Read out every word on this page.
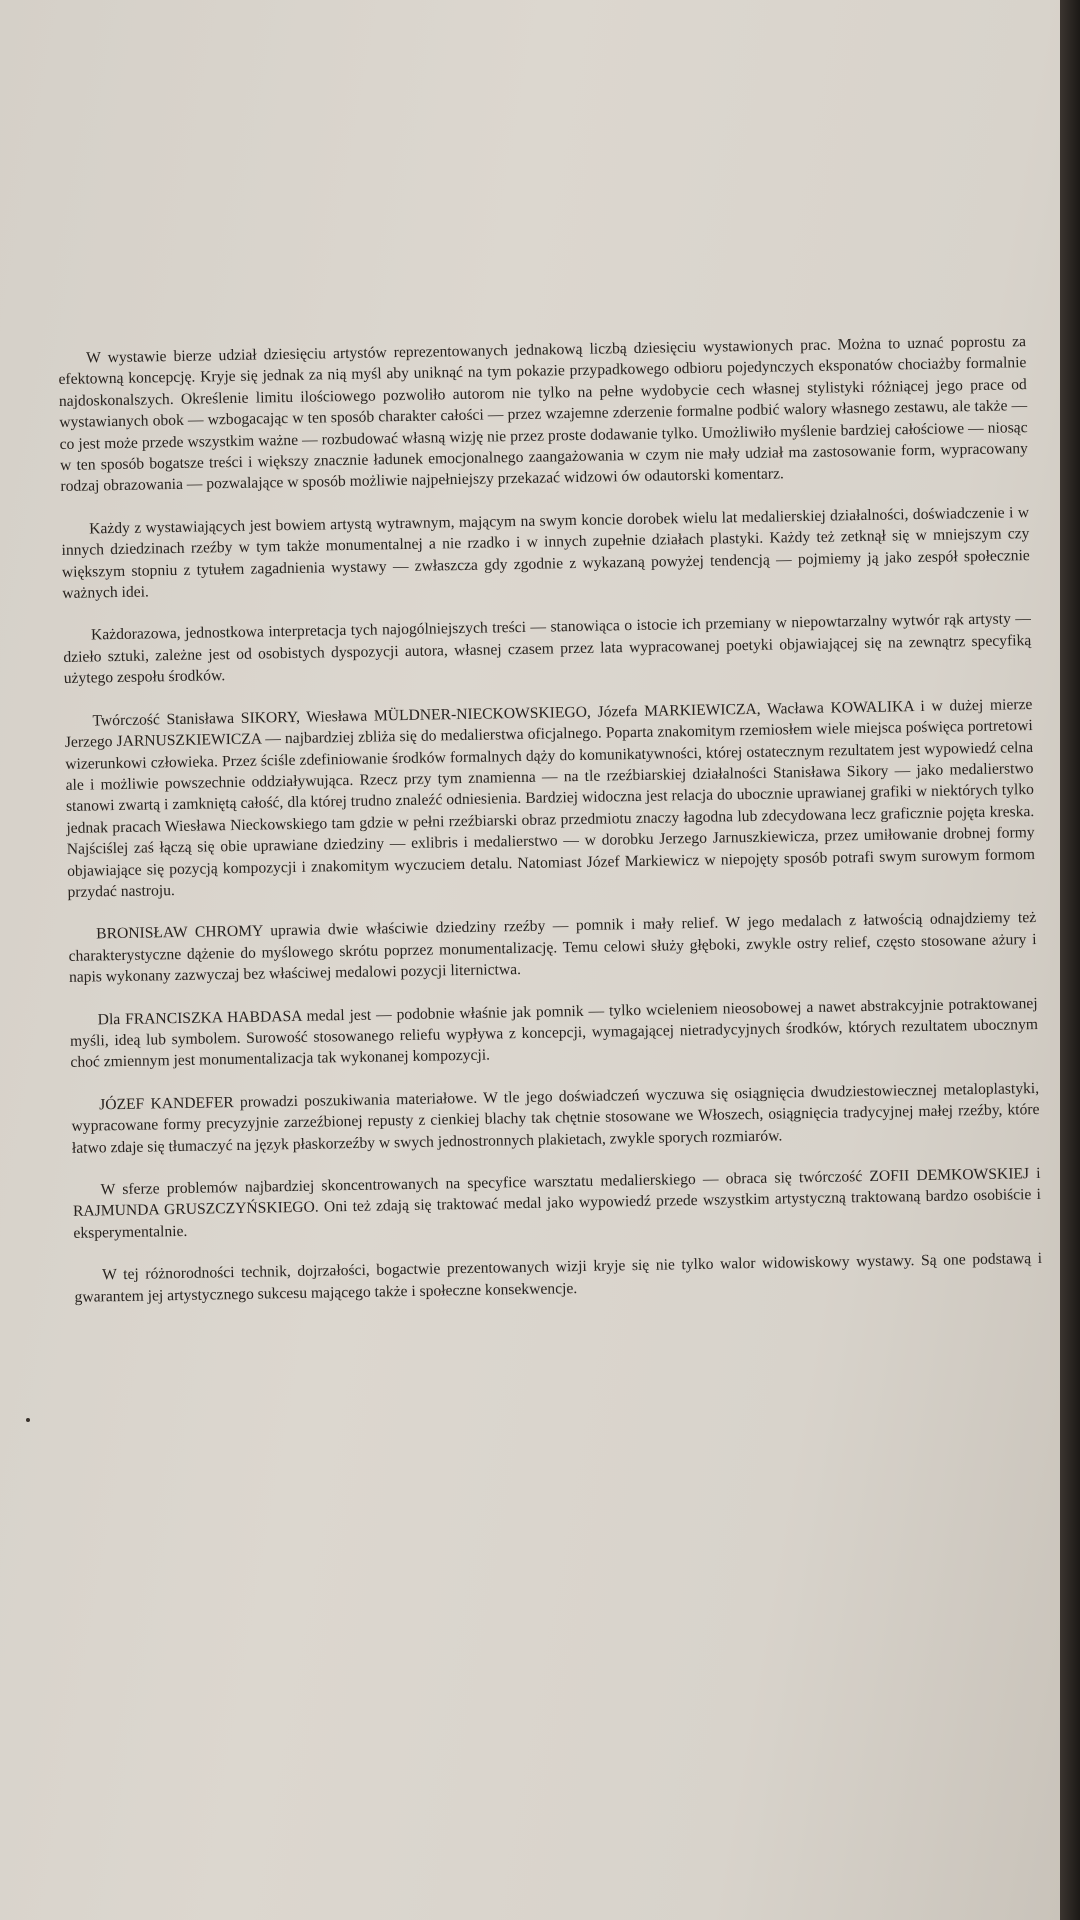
W wystawie bierze udział dziesięciu artystów reprezentowanych jednakową liczbą dziesięciu wystawionych prac. Można to uznać poprostu za efektowną koncepcję. Kryje się jednak za nią myśl aby uniknąć na tym pokazie przypadkowego odbioru pojedynczych eksponatów chociażby formalnie najdoskonalszych. Określenie limitu ilościowego pozwoliło autorom nie tylko na pełne wydobycie cech własnej stylistyki różniącej jego prace od wystawianych obok — wzbogacając w ten sposób charakter całości — przez wzajemne zderzenie formalne podbić walory własnego zestawu, ale także — co jest może przede wszystkim ważne — rozbudować własną wizję nie przez proste dodawanie tylko. Umożliwiło myślenie bardziej całościowe — niosąc w ten sposób bogatsze treści i większy znacznie ładunek emocjonalnego zaangażowania w czym nie mały udział ma zastosowanie form, wypracowany rodzaj obrazowania — pozwalające w sposób możliwie najpełniejszy przekazać widzowi ów odautorski komentarz.

Każdy z wystawiających jest bowiem artystą wytrawnym, mającym na swym koncie dorobek wielu lat medalierskiej działalności, doświadczenie i w innych dziedzinach rzeźby w tym także monumentalnej a nie rzadko i w innych zupełnie działach plastyki. Każdy też zetknął się w mniejszym czy większym stopniu z tytułem zagadnienia wystawy — zwłaszcza gdy zgodnie z wykazaną powyżej tendencją — pojmiemy ją jako zespół społecznie ważnych idei.

Każdorazowa, jednostkowa interpretacja tych najogólniejszych treści — stanowiąca o istocie ich przemiany w niepowtarzalny wytwór rąk artysty — dzieło sztuki, zależne jest od osobistych dyspozycji autora, własnej czasem przez lata wypracowanej poetyki objawiającej się na zewnątrz specyfiką użytego zespołu środków.

Twórczość Stanisława SIKORY, Wiesława MÜLDNER-NIECKOWSKIEGO, Józefa MARKIEWICZA, Wacława KOWALIKA i w dużej mierze Jerzego JARNUSZKIEWICZA — najbardziej zbliża się do medalierstwa oficjalnego. Poparta znakomitym rzemiosłem wiele miejsca poświęca portretowi wizerunkowi człowieka. Przez ściśle zdefiniowanie środków formalnych dąży do komunikatywności, której ostatecznym rezultatem jest wypowiedź celna ale i możliwie powszechnie oddziaływująca. Rzecz przy tym znamienna — na tle rzeźbiarskiej działalności Stanisława Sikory — jako medalierstwo stanowi zwartą i zamkniętą całość, dla której trudno znaleźć odniesienia. Bardziej widoczna jest relacja do ubocznie uprawianej grafiki w niektórych tylko jednak pracach Wiesława Nieckowskiego tam gdzie w pełni rzeźbiarski obraz przedmiotu znaczy łagodna lub zdecydowana lecz graficznie pojęta kreska. Najściślej zaś łączą się obie uprawiane dziedziny — exlibris i medalierstwo — w dorobku Jerzego Jarnuszkiewicza, przez umiłowanie drobnej formy objawiające się pozycją kompozycji i znakomitym wyczuciem detalu. Natomiast Józef Markiewicz w niepojęty sposób potrafi swym surowym formom przydać nastroju.

BRONISŁAW CHROMY uprawia dwie właściwie dziedziny rzeźby — pomnik i mały relief. W jego medalach z łatwością odnajdziemy też charakterystyczne dążenie do myślowego skrótu poprzez monumentalizację. Temu celowi służy głęboki, zwykle ostry relief, często stosowane ażury i napis wykonany zazwyczaj bez właściwej medalowi pozycji liternictwa.

Dla FRANCISZKA HABDASA medal jest — podobnie właśnie jak pomnik — tylko wcieleniem nieosobowej a nawet abstrakcyjnie potraktowanej myśli, ideą lub symbolem. Surowość stosowanego reliefu wypływa z koncepcji, wymagającej nietradycyjnych środków, których rezultatem ubocznym choć zmiennym jest monumentalizacja tak wykonanej kompozycji.

JÓZEF KANDEFER prowadzi poszukiwania materiałowe. W tle jego doświadczeń wyczuwa się osiągnięcia dwudziestowiecznej metaloplastyki, wypracowane formy precyzyjnie zarzeźbionej repusty z cienkiej blachy tak chętnie stosowane we Włoszech, osiągnięcia tradycyjnej małej rzeźby, które łatwo zdaje się tłumaczyć na język płaskorzeźby w swych jednostronnych plakietach, zwykle sporych rozmiarów.

W sferze problemów najbardziej skoncentrowanych na specyfice warsztatu medalierskiego — obraca się twórczość ZOFII DEMKOWSKIEJ i RAJMUNDA GRUSZCZYŃSKIEGO. Oni też zdają się traktować medal jako wypowiedź przede wszystkim artystyczną traktowaną bardzo osobiście i eksperymentalnie.

W tej różnorodności technik, dojrzałości, bogactwie prezentowanych wizji kryje się nie tylko walor widowiskowy wystawy. Są one podstawą i gwarantem jej artystycznego sukcesu mającego także i społeczne konsekwencje.
